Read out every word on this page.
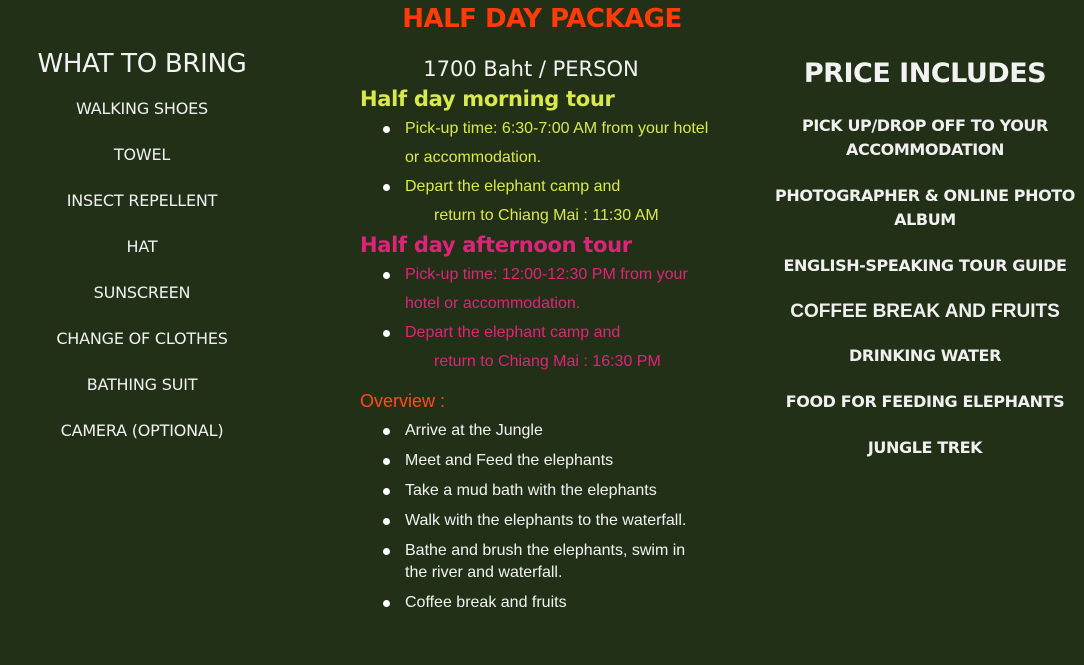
HALF DAY PACKAGE
WHAT TO BRING
WALKING SHOES
TOWEL
INSECT REPELLENT
HAT
SUNSCREEN
CHANGE OF CLOTHES
BATHING SUIT
CAMERA (OPTIONAL)

1700 Baht / PERSON

Half day morning tour
Pick-up time: 6:30-7:00 AM from your hotel or accommodation.
Depart the elephant camp and
return to Chiang Mai : 11:30 AM
Half day afternoon tour
Pick-up time: 12:00-12:30 PM from your hotel or accommodation.
Depart the elephant camp and
return to Chiang Mai : 16:30 PM

Overview :

Arrive at the Jungle
Meet and Feed the elephants
Take a mud bath with the elephants
Walk with the elephants to the waterfall.
Bathe and brush the elephants, swim in the river and waterfall.
Coffee break and fruits
PRICE INCLUDES
PICK UP/DROP OFF TO YOUR ACCOMMODATION
PHOTOGRAPHER & ONLINE PHOTO ALBUM
ENGLISH-SPEAKING TOUR GUIDE
COFFEE BREAK AND FRUITS
DRINKING WATER
FOOD FOR FEEDING ELEPHANTS
JUNGLE TREK
